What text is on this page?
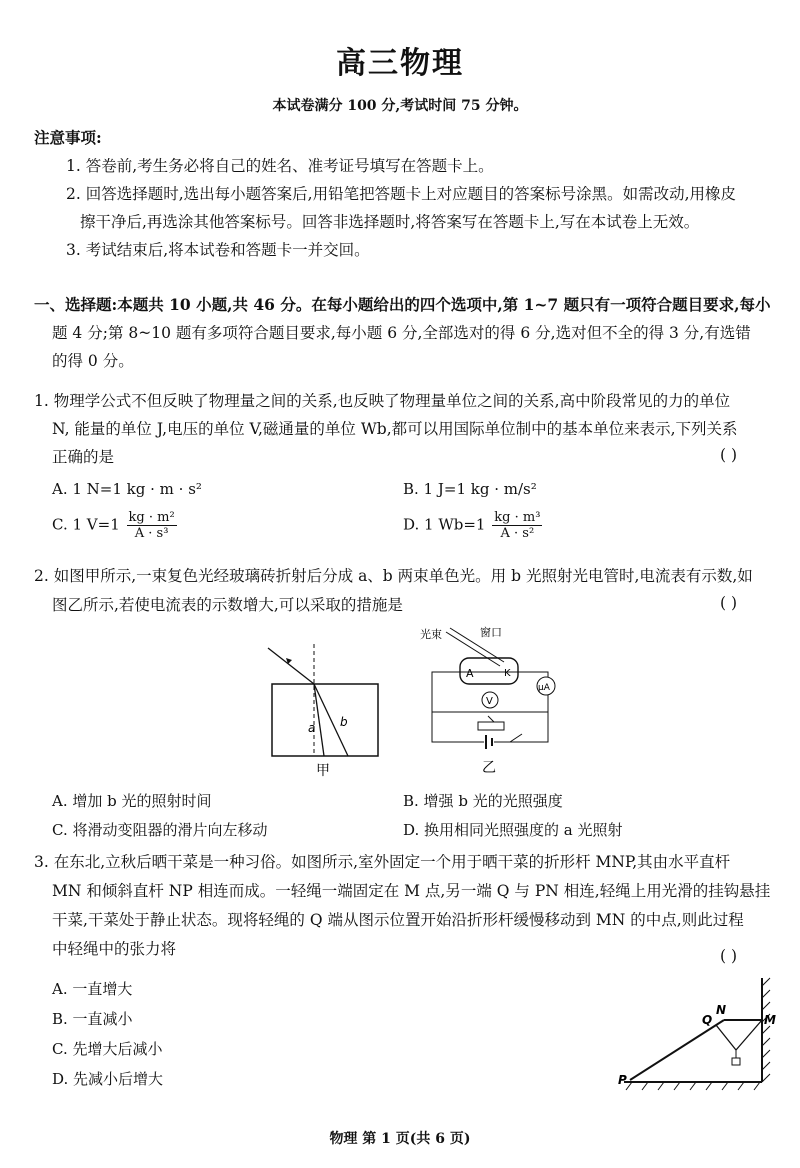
高三物理
本试卷满分 100 分,考试时间 75 分钟。
注意事项:
1. 答卷前,考生务必将自己的姓名、准考证号填写在答题卡上。
2. 回答选择题时,选出每小题答案后,用铅笔把答题卡上对应题目的答案标号涂黑。如需改动,用橡皮
擦干净后,再选涂其他答案标号。回答非选择题时,将答案写在答题卡上,写在本试卷上无效。
3. 考试结束后,将本试卷和答题卡一并交回。
一、选择题:本题共 10 小题,共 46 分。在每小题给出的四个选项中,第 1~7 题只有一项符合题目要求,每小
题 4 分;第 8~10 题有多项符合题目要求,每小题 6 分,全部选对的得 6 分,选对但不全的得 3 分,有选错
的得 0 分。
1. 物理学公式不但反映了物理量之间的关系,也反映了物理量单位之间的关系,高中阶段常见的力的单位
N, 能量的单位 J,电压的单位 V,磁通量的单位 Wb,都可以用国际单位制中的基本单位来表示,下列关系
正确的是	( )
A. 1 N=1 kg · m · s²	B. 1 J=1 kg · m/s²
C. 1 $V=1 \frac{\text{kg · m²}}{\text{A · s³}}$	D. 1 $Wb=1 \frac{\text{kg · m³}}{\text{A · s²}}$
2. 如图甲所示,一束复色光经玻璃砖折射后分成 a、b 两束单色光。用 b 光照射光电管时,电流表有示数,如
图乙所示,若使电流表的示数增大,可以采取的措施是	( )
a b
甲
光束	窗口
A	K
V
μA
乙
A. 增加 b 光的照射时间	B. 增强 b 光的光照强度
C. 将滑动变阻器的滑片向左移动	D. 换用相同光照强度的 a 光照射
3. 在东北,立秋后晒干菜是一种习俗。如图所示,室外固定一个用于晒干菜的折形杆 MNP,其由水平直杆
MN 和倾斜直杆 NP 相连而成。一轻绳一端固定在 M 点,另一端 Q 与 PN 相连,轻绳上用光滑的挂钩悬挂
干菜,干菜处于静止状态。现将轻绳的 Q 端从图示位置开始沿折形杆缓慢移动到 MN 的中点,则此过程
中轻绳中的张力将	( )
A. 一直增大
B. 一直减小
C. 先增大后减小
D. 先减小后增大
Q
N
M
P
物理 第 1 页(共 6 页)
